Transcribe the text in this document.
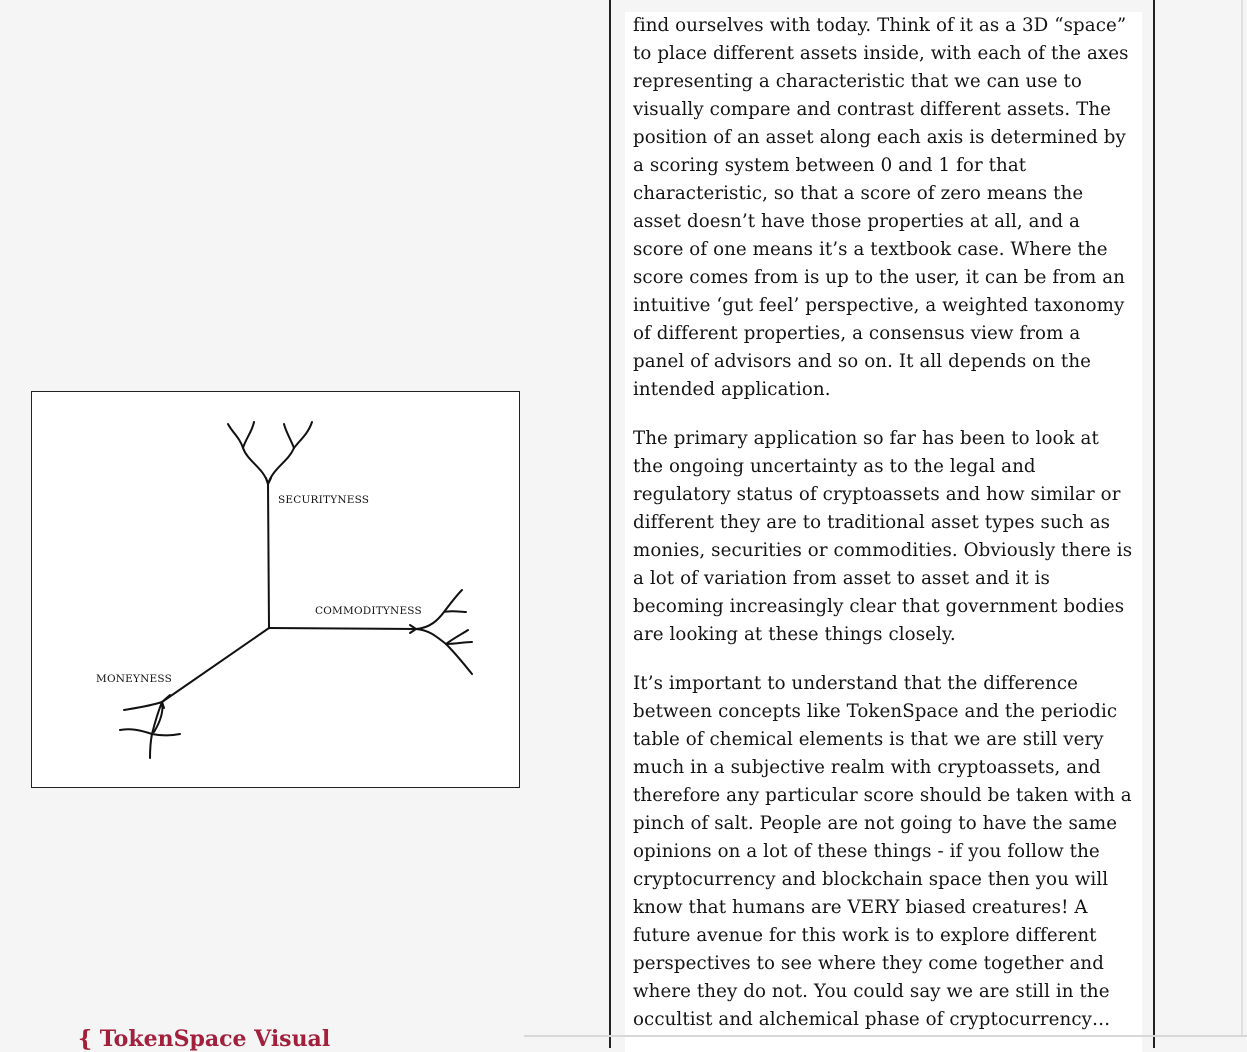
SECURITYNESS
COMMODITYNESS
MONEYNESS
{ TokenSpace Visual

find ourselves with today. Think of it as a 3D “space” to place different assets inside, with each of the axes representing a characteristic that we can use to visually compare and contrast different assets. The position of an asset along each axis is determined by a scoring system between 0 and 1 for that characteristic, so that a score of zero means the asset doesn’t have those properties at all, and a score of one means it’s a textbook case. Where the score comes from is up to the user, it can be from an intuitive ‘gut feel’ perspective, a weighted taxonomy of different properties, a consensus view from a panel of advisors and so on. It all depends on the intended application.

The primary application so far has been to look at the ongoing uncertainty as to the legal and regulatory status of cryptoassets and how similar or different they are to traditional asset types such as monies, securities or commodities. Obviously there is a lot of variation from asset to asset and it is becoming increasingly clear that government bodies are looking at these things closely.

It’s important to understand that the difference between concepts like TokenSpace and the periodic table of chemical elements is that we are still very much in a subjective realm with cryptoassets, and therefore any particular score should be taken with a pinch of salt. People are not going to have the same opinions on a lot of these things - if you follow the cryptocurrency and blockchain space then you will know that humans are VERY biased creatures! A future avenue for this work is to explore different perspectives to see where they come together and where they do not. You could say we are still in the occultist and alchemical phase of cryptocurrency…
